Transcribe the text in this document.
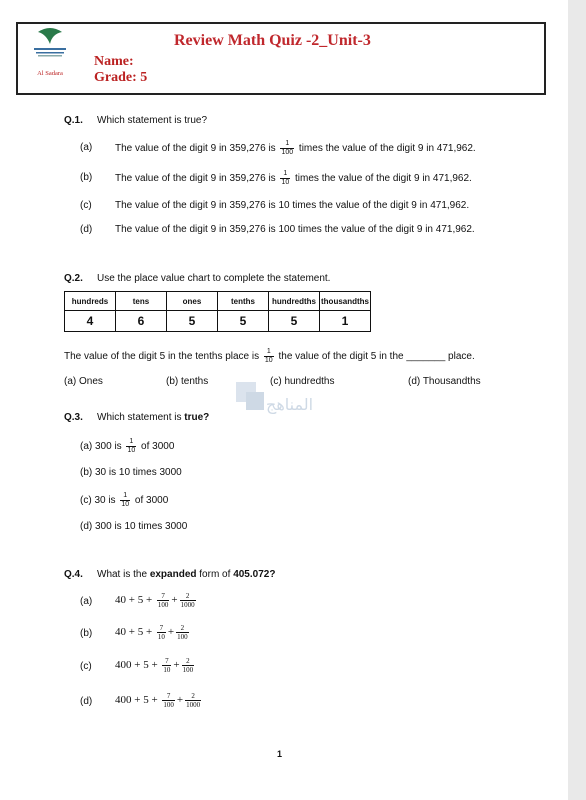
Al Sadara
Review Math Quiz -2_Unit-3
Name:
Grade: 5
Q.1. Which statement is true?
(a) The value of the digit 9 in 359,276 is $\frac{1}{100}$ times the value of the digit 9 in 471,962.
(b) The value of the digit 9 in 359,276 is $\frac{1}{10}$ times the value of the digit 9 in 471,962.
(c) The value of the digit 9 in 359,276 is 10 times the value of the digit 9 in 471,962.
(d) The value of the digit 9 in 359,276 is 100 times the value of the digit 9 in 471,962.
Q.2. Use the place value chart to complete the statement.
hundreds	tens	ones	tenths	hundredths	thousandths
4	6	5	5	5	1
The value of the digit 5 in the tenths place is $\frac{1}{10}$ the value of the digit 5 in the _______ place.
(a) Ones	(b) tenths	(c) hundredths	(d) Thousandths
المناهج
Q.3. Which statement is true?
(a) 300 is $\frac{1}{10}$ of 3000
(b) 30 is 10 times 3000
(c) 30 is $\frac{1}{10}$ of 3000
(d) 300 is 10 times 3000
Q.4. What is the expanded form of 405.072?
(a) $40 + 5 + \frac{7}{100} + \frac{2}{1000}$
(b) $40 + 5 + \frac{7}{10} + \frac{2}{100}$
(c) $400 + 5 + \frac{7}{10} + \frac{2}{100}$
(d) $400 + 5 + \frac{7}{100} + \frac{2}{1000}$
1
